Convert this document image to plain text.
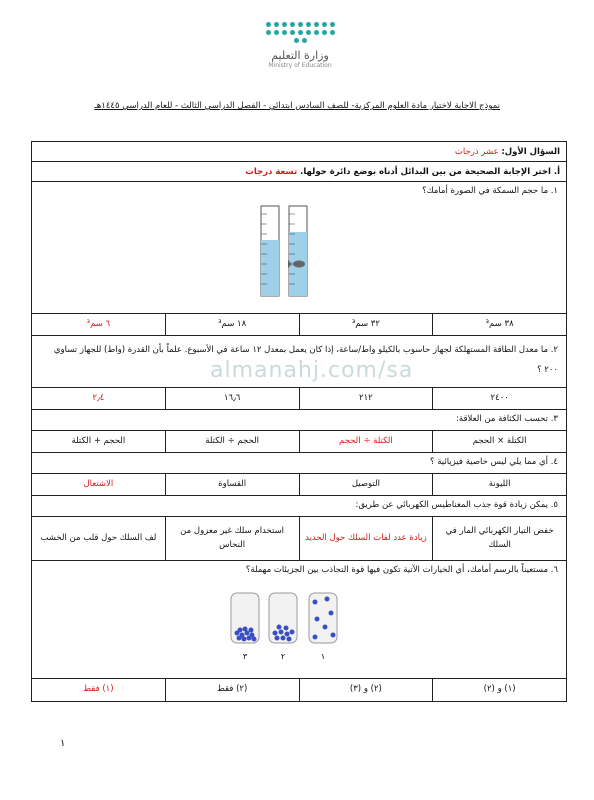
وزارة التعليم
Ministry of Education
نموذج الاجابة لاختبار مادة العلوم المركزية- للصف السادس ابتدائي - الفصل الدراسي الثالث - للعام الدراسي ١٤٤٥هـ
السؤال الأول:

عشر درجات
أ. اختر الإجابة الصحيحة من بين البدائل أدناه بوضع دائرة حولها.

تسعة درجات
١. ما حجم السمكة في الصورة أمامك؟
٣٨ سم³
٣٢ سم³
١٨ سم³
٦ سم³
٢. ما معدل الطاقة المستهلكة لجهاز حاسوب بالكيلو واط/ساعة، إذا كان يعمل بمعدل ١٢ ساعة في الأسبوع. علماً بأن القدرة (واط) للجهاز تساوي ٢٠٠ ؟
٢٤٠٠
٢١٢
١٦٫٦
٢٫٤
٣. تحسب الكثافة من العلاقة:
الكتلة × الحجم
الكتلة ÷ الحجم
الحجم ÷ الكتلة
الحجم + الكتلة
٤. أي مما يلي ليس خاصية فيزيائية ؟
الليونة
التوصيل
القساوة
الاشتعال
٥. يمكن زيادة قوة جذب المغناطيس الكهربائي عن طريق:
خفض التيار الكهربائي المار في السلك
زيادة عدد لفات السلك حول الحديد
استخدام سلك غير معزول من النحاس
لف السلك حول قلب من الخشب
٦. مستعيناً بالرسم أمامك، أي الخيارات الآتية تكون فيها قوة التجاذب بين الجزيئات مهملة؟
٣	٢	١
(١) و (٢)
(٢) و (٣)
(٢) فقط
(١) فقط
almanahj.com/sa
١
